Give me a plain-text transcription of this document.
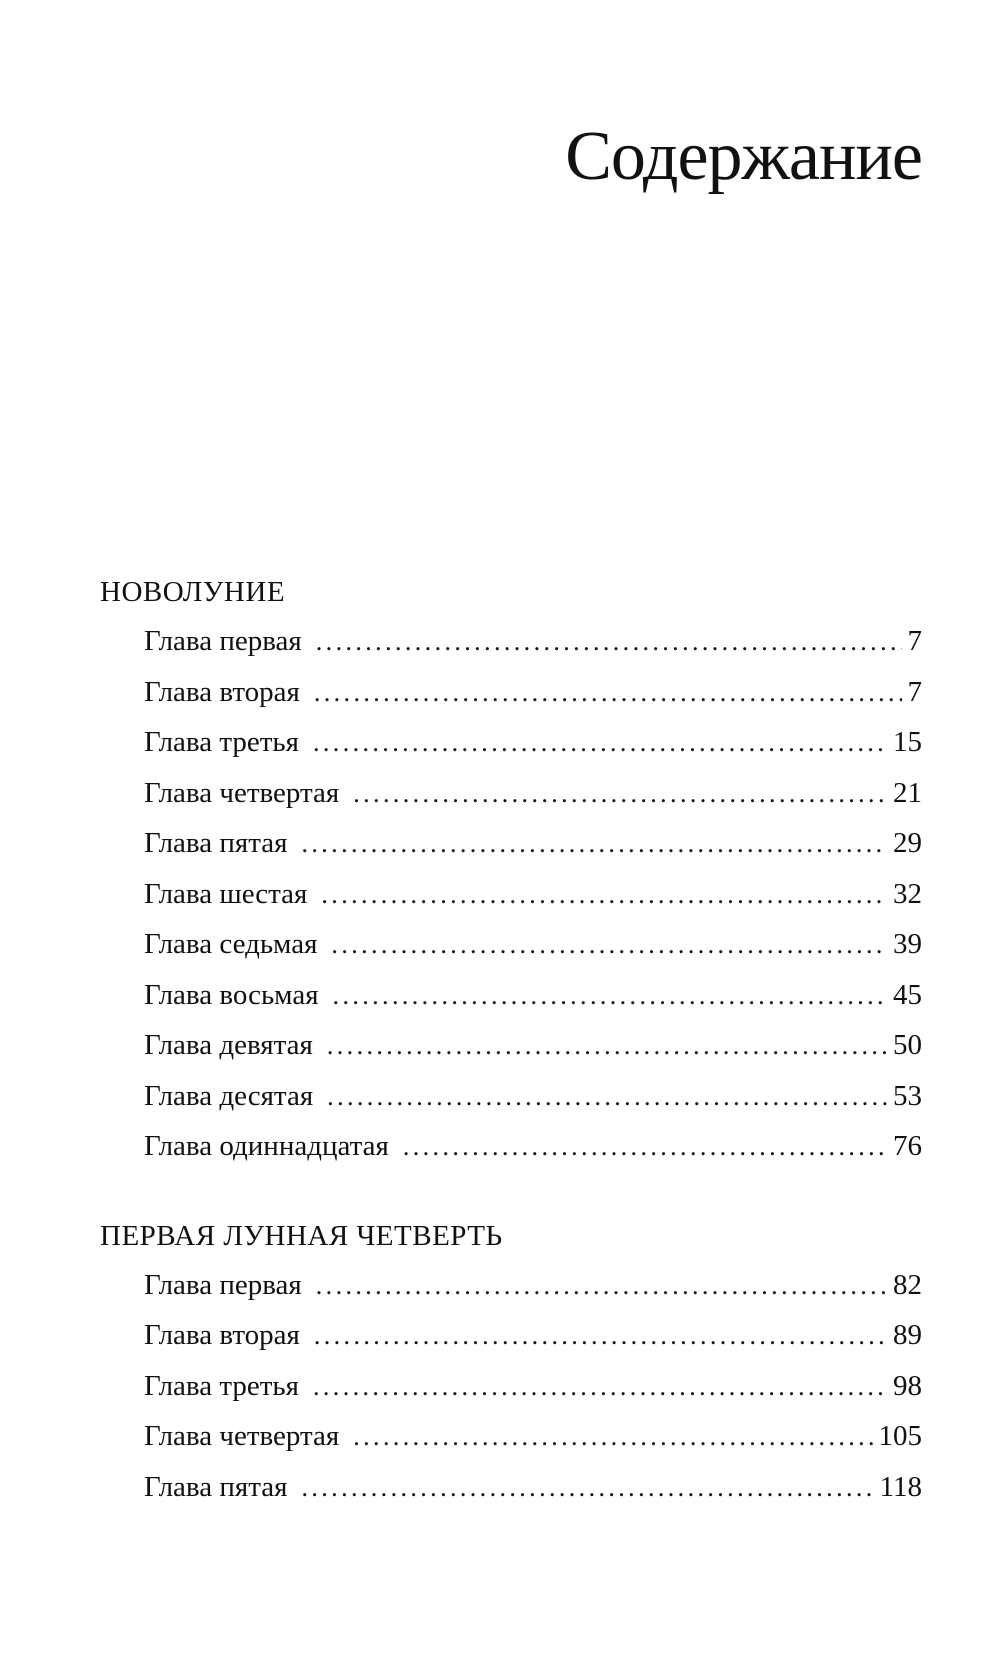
Содержание
НОВОЛУНИЕ
Глава первая .....	7
Глава вторая .....	7
Глава третья .....	15
Глава четвертая .....	21
Глава пятая .....	29
Глава шестая .....	32
Глава седьмая .....	39
Глава восьмая .....	45
Глава девятая .....	50
Глава десятая .....	53
Глава одиннадцатая .....	76
ПЕРВАЯ ЛУННАЯ ЧЕТВЕРТЬ
Глава первая .....	82
Глава вторая .....	89
Глава третья .....	98
Глава четвертая .....	105
Глава пятая .....	118
